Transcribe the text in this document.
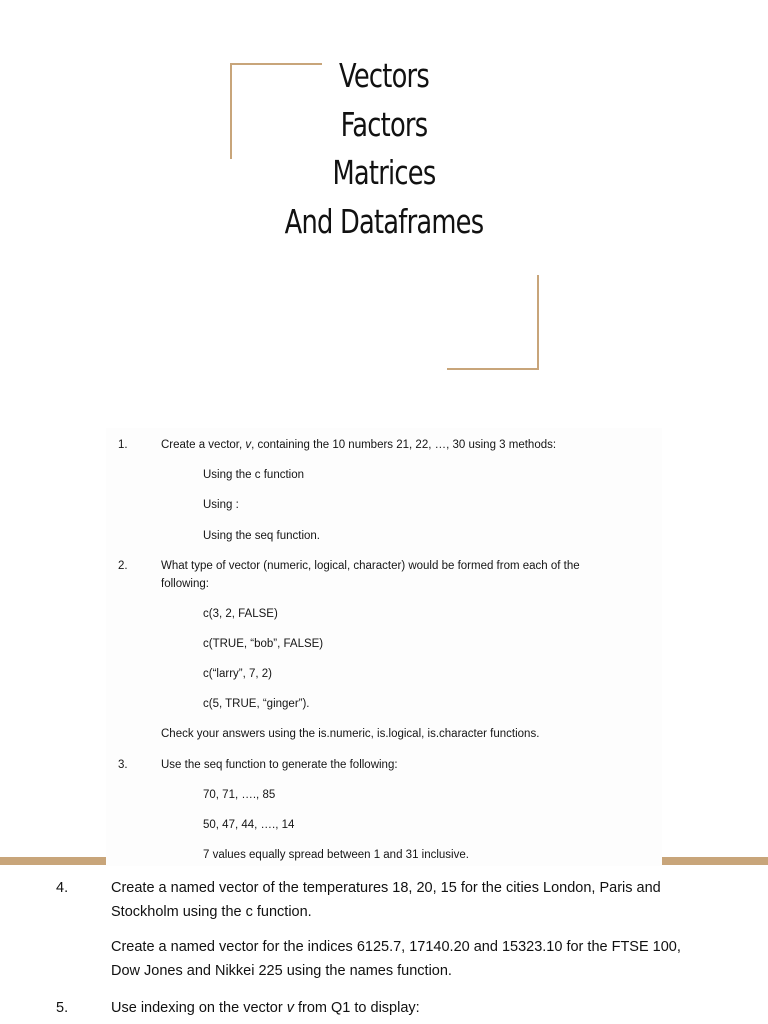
Vectors
Factors
Matrices
And Dataframes
1.	Create a vector, v, containing the 10 numbers 21, 22, …, 30 using 3 methods:
Using the c function
Using :
Using the seq function.
2.	What type of vector (numeric, logical, character) would be formed from each of the
following:
c(3, 2, FALSE)
c(TRUE, “bob”, FALSE)
c(“larry”, 7, 2)
c(5, TRUE, “ginger”).
Check your answers using the is.numeric, is.logical, is.character functions.
3.	Use the seq function to generate the following:
70, 71, …., 85
50, 47, 44, …., 14
7 values equally spread between 1 and 31 inclusive.
4.	Create a named vector of the temperatures 18, 20, 15 for the cities London, Paris and
Stockholm using the c function.
Create a named vector for the indices 6125.7, 17140.20 and 15323.10 for the FTSE 100,
Dow Jones and Nikkei 225 using the names function.
5.	Use indexing on the vector v from Q1 to display:
